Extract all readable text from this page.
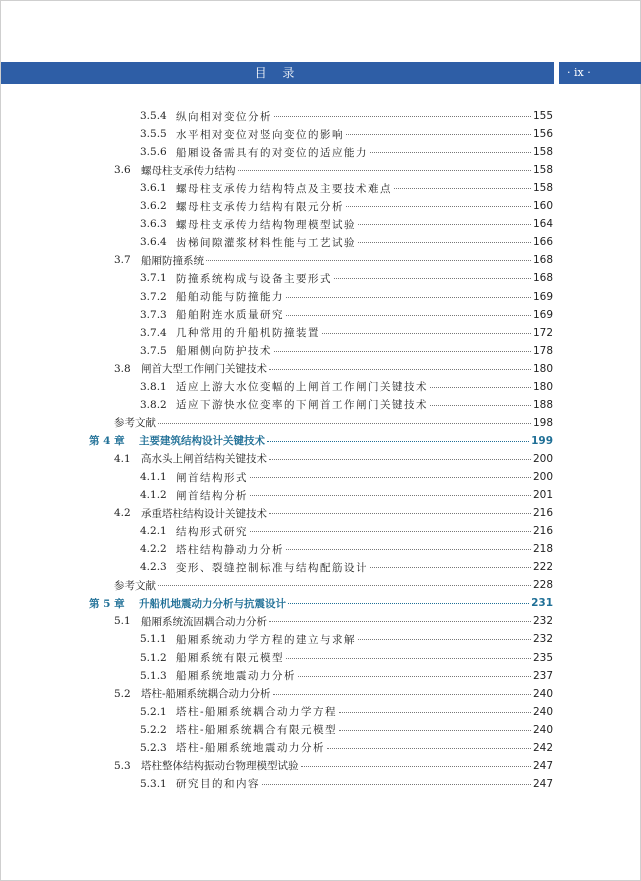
目 录	· ix ·
3.5.4 纵向相对变位分析	155
3.5.5 水平相对变位对竖向变位的影响	156
3.5.6 船厢设备需具有的对变位的适应能力	158
3.6 螺母柱支承传力结构	158
3.6.1 螺母柱支承传力结构特点及主要技术难点	158
3.6.2 螺母柱支承传力结构有限元分析	160
3.6.3 螺母柱支承传力结构物理模型试验	164
3.6.4 齿梯间隙灌浆材料性能与工艺试验	166
3.7 船厢防撞系统	168
3.7.1 防撞系统构成与设备主要形式	168
3.7.2 船舶动能与防撞能力	169
3.7.3 船舶附连水质量研究	169
3.7.4 几种常用的升船机防撞装置	172
3.7.5 船厢侧向防护技术	178
3.8 闸首大型工作闸门关键技术	180
3.8.1 适应上游大水位变幅的上闸首工作闸门关键技术	180
3.8.2 适应下游快水位变率的下闸首工作闸门关键技术	188
参考文献	198
第 4 章	主要建筑结构设计关键技术	199
4.1 高水头上闸首结构关键技术	200
4.1.1 闸首结构形式	200
4.1.2 闸首结构分析	201
4.2 承重塔柱结构设计关键技术	216
4.2.1 结构形式研究	216
4.2.2 塔柱结构静动力分析	218
4.2.3 变形、裂缝控制标准与结构配筋设计	222
参考文献	228
第 5 章	升船机地震动力分析与抗震设计	231
5.1 船厢系统流固耦合动力分析	232
5.1.1 船厢系统动力学方程的建立与求解	232
5.1.2 船厢系统有限元模型	235
5.1.3 船厢系统地震动力分析	237
5.2 塔柱-船厢系统耦合动力分析	240
5.2.1 塔柱-船厢系统耦合动力学方程	240
5.2.2 塔柱-船厢系统耦合有限元模型	240
5.2.3 塔柱-船厢系统地震动力分析	242
5.3 塔柱整体结构振动台物理模型试验	247
5.3.1 研究目的和内容	247
